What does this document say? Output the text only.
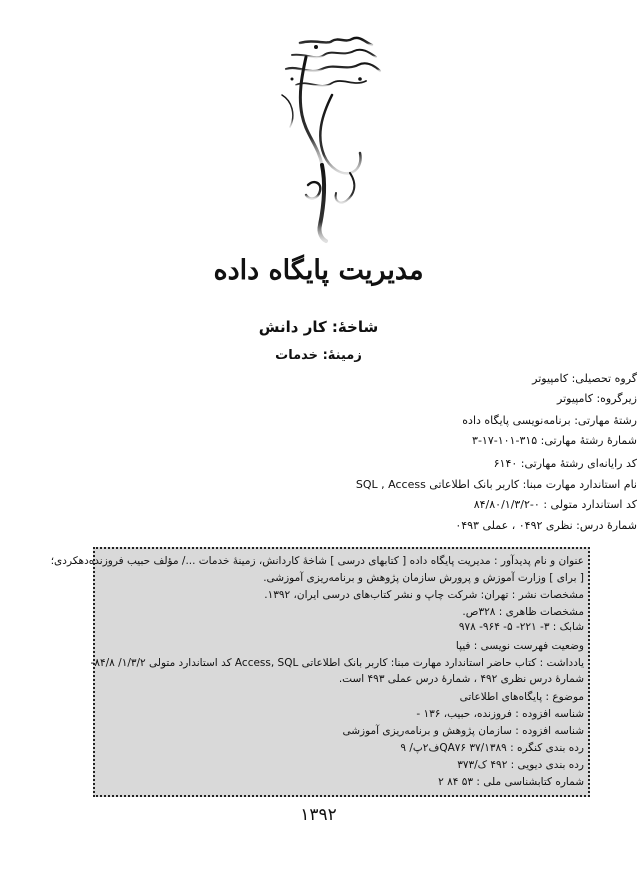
مدیریت پایگاه داده
شاخهٔ: کار دانش
زمینهٔ: خدمات
گروه تحصیلی: کامپیوتر
زیرگروه: کامپیوتر
رشتهٔ مهارتی: برنامه‌نویسی پایگاه داده
شمارهٔ رشتهٔ مهارتی: ۳۱۵-۱۰۱-۱۷-۳
کد رایانه‌ای رشتهٔ مهارتی: ۶۱۴۰
نام استاندارد مهارت مبنا: کاربر بانک اطلاعاتی SQL , Access
کد استاندارد متولی : ۰-۸۴/۸۰/۱/۳/۲
شمارهٔ درس: نظری ۰۴۹۲ ، عملی ۰۴۹۳
عنوان و نام پدیدآور : مدیریت پایگاه داده [ کتابهای درسی ] شاخهٔ کاردانش، زمینهٔ خدمات .../ مؤلف حبیب فروزنده‌دهکردی؛
[ برای ] وزارت آموزش و پرورش سازمان پژوهش و برنامه‌ریزی آموزشی.
مشخصات نشر : تهران: شرکت چاپ و نشر کتاب‌های درسی ایران، ۱۳۹۲.
مشخصات ظاهری : ۳۲۸ص.
شابک : ۳- ۲۲۱- ۵- ۹۶۴- ۹۷۸
وضعیت فهرست نویسی : فیپا
یادداشت : کتاب حاضر استاندارد مهارت مبنا: کاربر بانک اطلاعاتی Access, SQL کد استاندارد متولی ۱/۳/۲/ ۸۴/۸-
شمارهٔ درس نظری ۴۹۲ ، شمارهٔ درس عملی ۴۹۳ است.
موضوع : پایگاه‌های اطلاعاتی
شناسه افزوده : فروزنده، حبیب، ۱۳۶ -
شناسه افزوده : سازمان پژوهش و برنامه‌ریزی آموزشی
رده بندی کنگره : ۱۳۸۹/QA۷۶ ۳۷ف۲پ/ ۹
رده بندی دیویی : ۴۹۲ ک/۳۷۳
شماره کتابشناسی ملی : ۵۳ ۸۴ ۲
۱۳۹۲
